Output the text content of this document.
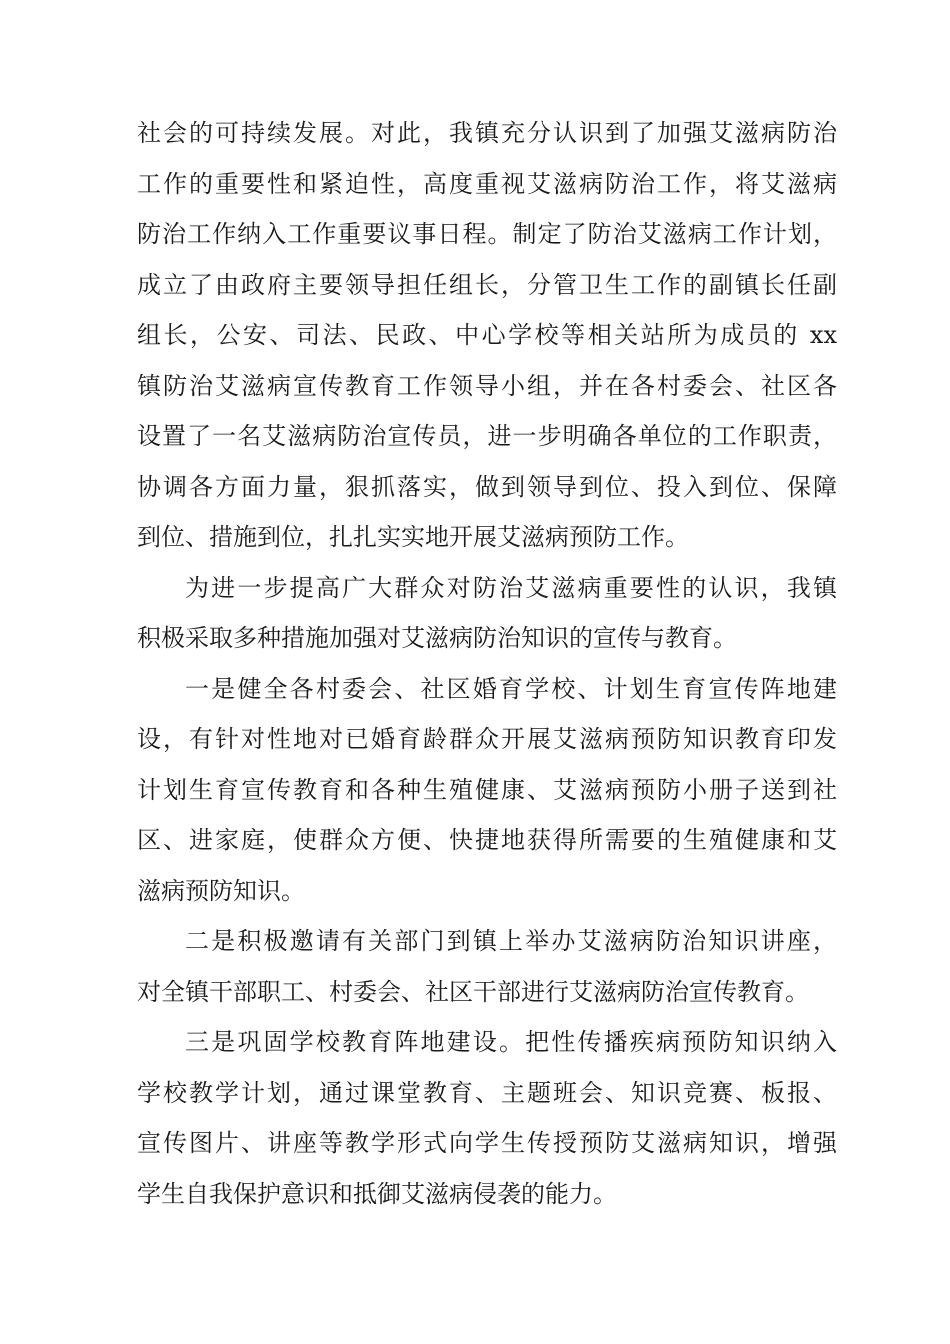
社会的可持续发展。对此，我镇充分认识到了加强艾滋病防治
工作的重要性和紧迫性，高度重视艾滋病防治工作，将艾滋病
防治工作纳入工作重要议事日程。制定了防治艾滋病工作计划，
成立了由政府主要领导担任组长，分管卫生工作的副镇长任副
组长，公安、司法、民政、中心学校等相关站所为成员的 xx
镇防治艾滋病宣传教育工作领导小组，并在各村委会、社区各
设置了一名艾滋病防治宣传员，进一步明确各单位的工作职责，
协调各方面力量，狠抓落实，做到领导到位、投入到位、保障
到位、措施到位，扎扎实实地开展艾滋病预防工作。
为进一步提高广大群众对防治艾滋病重要性的认识，我镇
积极采取多种措施加强对艾滋病防治知识的宣传与教育。
一是健全各村委会、社区婚育学校、计划生育宣传阵地建
设，有针对性地对已婚育龄群众开展艾滋病预防知识教育印发
计划生育宣传教育和各种生殖健康、艾滋病预防小册子送到社
区、进家庭，使群众方便、快捷地获得所需要的生殖健康和艾
滋病预防知识。
二是积极邀请有关部门到镇上举办艾滋病防治知识讲座，
对全镇干部职工、村委会、社区干部进行艾滋病防治宣传教育。
三是巩固学校教育阵地建设。把性传播疾病预防知识纳入
学校教学计划，通过课堂教育、主题班会、知识竞赛、板报、
宣传图片、讲座等教学形式向学生传授预防艾滋病知识，增强
学生自我保护意识和抵御艾滋病侵袭的能力。
